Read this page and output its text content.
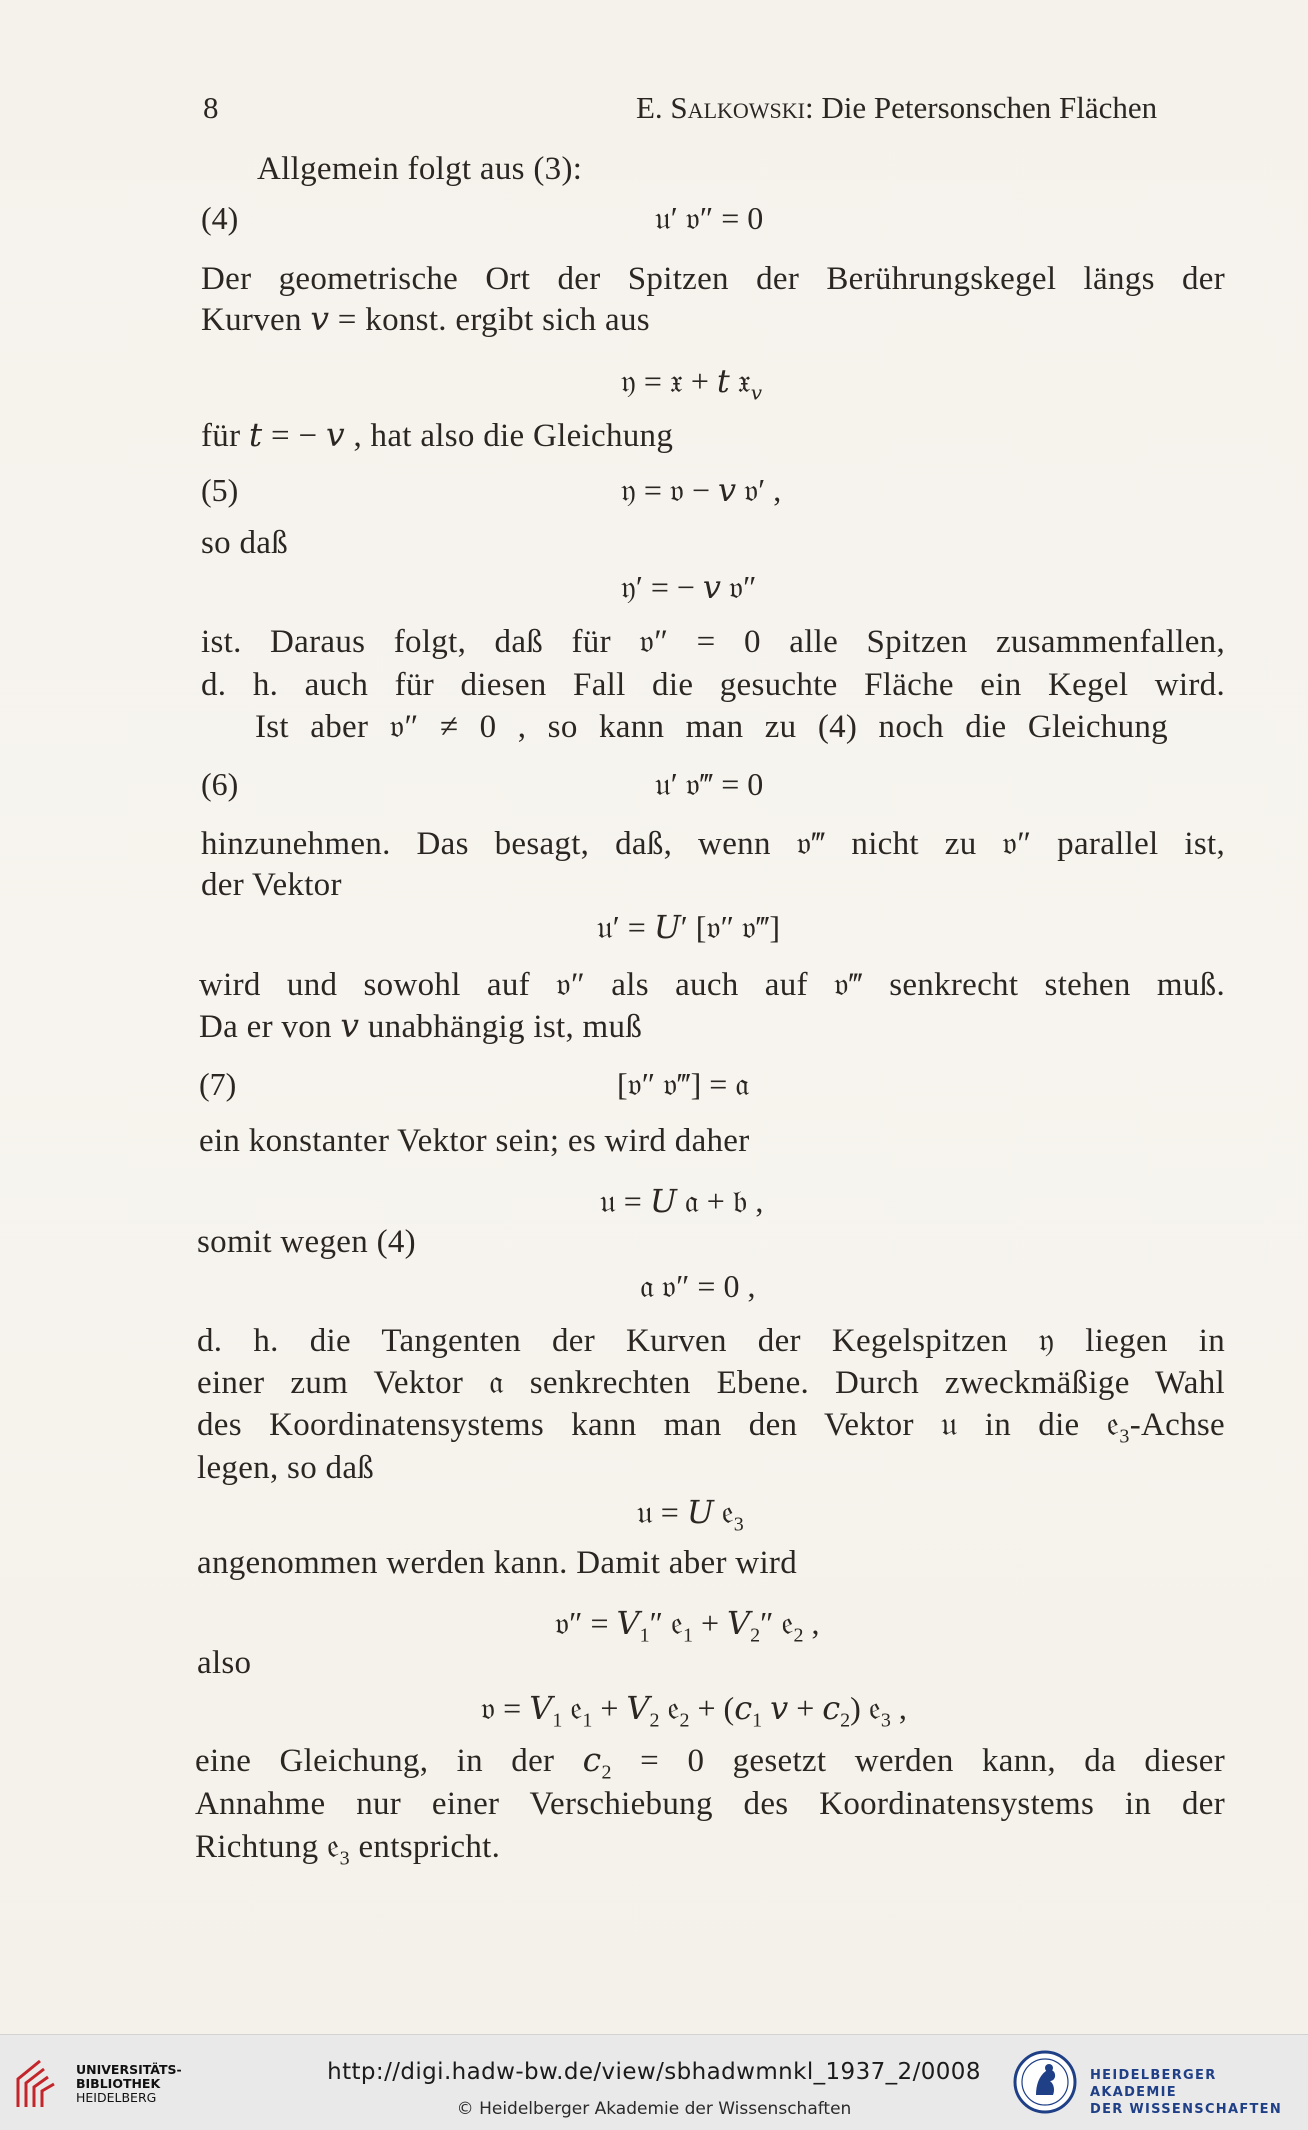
8	E. Salkowski: Die Petersonschen Flächen
Allgemein folgt aus (3):
(4)	𝔲′ 𝔳″ = 0
Der geometrische Ort der Spitzen der Berührungskegel längs der
Kurven 𝑣 = konst. ergibt sich aus
𝔶 = 𝔵 + 𝑡 𝔵$_𝑣$
für 𝑡 = − 𝑣 , hat also die Gleichung
(5)	𝔶 = 𝔳 − 𝑣 𝔳′ ,
so daß
𝔶′ = − 𝑣 𝔳″
ist. Daraus folgt, daß für 𝔳″ = 0 alle Spitzen zusammenfallen,
d. h. auch für diesen Fall die gesuchte Fläche ein Kegel wird.
Ist aber 𝔳″ ≠ 0 , so kann man zu (4) noch die Gleichung
(6)	𝔲′ 𝔳‴ = 0
hinzunehmen. Das besagt, daß, wenn 𝔳‴ nicht zu 𝔳″ parallel ist,
der Vektor
𝔲′ = 𝑈′ [𝔳″ 𝔳‴]
wird und sowohl auf 𝔳″ als auch auf 𝔳‴ senkrecht stehen muß.
Da er von 𝑣 unabhängig ist, muß
(7)	[𝔳″ 𝔳‴] = 𝔞
ein konstanter Vektor sein; es wird daher
𝔲 = 𝑈 𝔞 + 𝔟 ,
somit wegen (4)
𝔞 𝔳″ = 0 ,
d. h. die Tangenten der Kurven der Kegelspitzen 𝔶 liegen in
einer zum Vektor 𝔞 senkrechten Ebene. Durch zweckmäßige Wahl
des Koordinatensystems kann man den Vektor 𝔲 in die 𝔢$_3$-Achse
legen, so daß
𝔲 = 𝑈 𝔢$_3$
angenommen werden kann. Damit aber wird
𝔳″ = 𝑉$_1$″ 𝔢$_1$ + 𝑉$_2$″ 𝔢$_2$ ,
also
𝔳 = 𝑉$_1$ 𝔢$_1$ + 𝑉$_2$ 𝔢$_2$ + (𝑐$_1$ 𝑣 + 𝑐$_2$) 𝔢$_3$ ,
eine Gleichung, in der 𝑐$_2$ = 0 gesetzt werden kann, da dieser
Annahme nur einer Verschiebung des Koordinatensystems in der
Richtung 𝔢$_3$ entspricht.
UNIVERSITÄTS-
BIBLIOTHEK
HEIDELBERG
http://digi.hadw-bw.de/view/sbhadwmnkl_1937_2/0008
© Heidelberger Akademie der Wissenschaften
HEIDELBERGER AKADEMIE
DER WISSENSCHAFTEN
